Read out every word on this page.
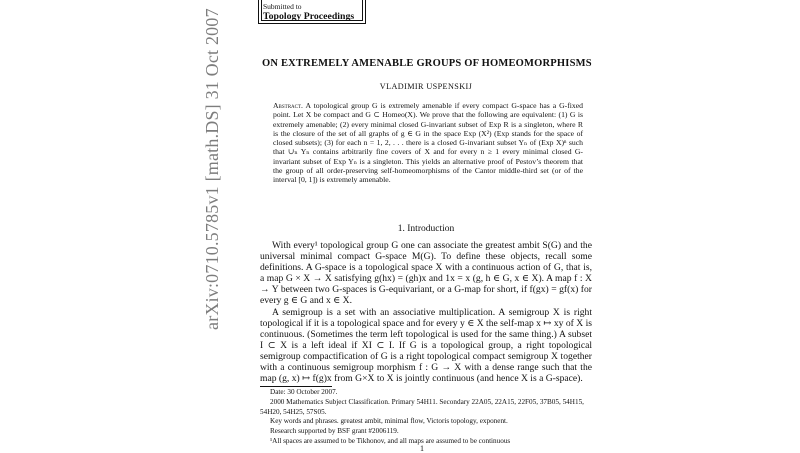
Submitted to
Topology Proceedings
arXiv:0710.5785v1 [math.DS] 31 Oct 2007	ON EXTREMELY AMENABLE GROUPS OF HOMEOMORPHISMS
VLADIMIR USPENSKIJ
Abstract. A topological group G is extremely amenable if every compact G-space has a G-fixed point. Let X be compact and G ⊂ Homeo(X). We prove that the following are equivalent: (1) G is extremely amenable; (2) every minimal closed G-invariant subset of Exp R is a singleton, where R is the closure of the set of all graphs of g ∈ G in the space Exp (X²) (Exp stands for the space of closed subsets); (3) for each n = 1, 2, . . . there is a closed G-invariant subset Yₙ of (Exp X)ⁿ such that ∪ₙ Yₙ contains arbitrarily fine covers of X and for every n ≥ 1 every minimal closed G-invariant subset of Exp Yₙ is a singleton. This yields an alternative proof of Pestov’s theorem that the group of all order-preserving self-homeomorphisms of the Cantor middle-third set (or of the interval [0, 1]) is extremely amenable.
1. Introduction

With every¹ topological group G one can associate the greatest ambit S(G) and the universal minimal compact G-space M(G). To define these objects, recall some definitions. A G-space is a topological space X with a continuous action of G, that is, a map G × X → X satisfying g(hx) = (gh)x and 1x = x (g, h ∈ G, x ∈ X). A map f : X → Y between two G-spaces is G-equivariant, or a G-map for short, if f(gx) = gf(x) for every g ∈ G and x ∈ X.

A semigroup is a set with an associative multiplication. A semigroup X is right topological if it is a topological space and for every y ∈ X the self-map x ↦ xy of X is continuous. (Sometimes the term left topological is used for the same thing.) A subset I ⊂ X is a left ideal if XI ⊂ I. If G is a topological group, a right topological semigroup compactification of G is a right topological compact semigroup X together with a continuous semigroup morphism f : G → X with a dense range such that the map (g, x) ↦ f(g)x from G×X to X is jointly continuous (and hence X is a G-space).

Date: 30 October 2007.
2000 Mathematics Subject Classification. Primary 54H11. Secondary 22A05, 22A15, 22F05, 37B05, 54H15, 54H20, 54H25, 57S05.
Key words and phrases. greatest ambit, minimal flow, Victoris topology, exponent.
Research supported by BSF grant #2006119.
¹All spaces are assumed to be Tikhonov, and all maps are assumed to be continuous
1
